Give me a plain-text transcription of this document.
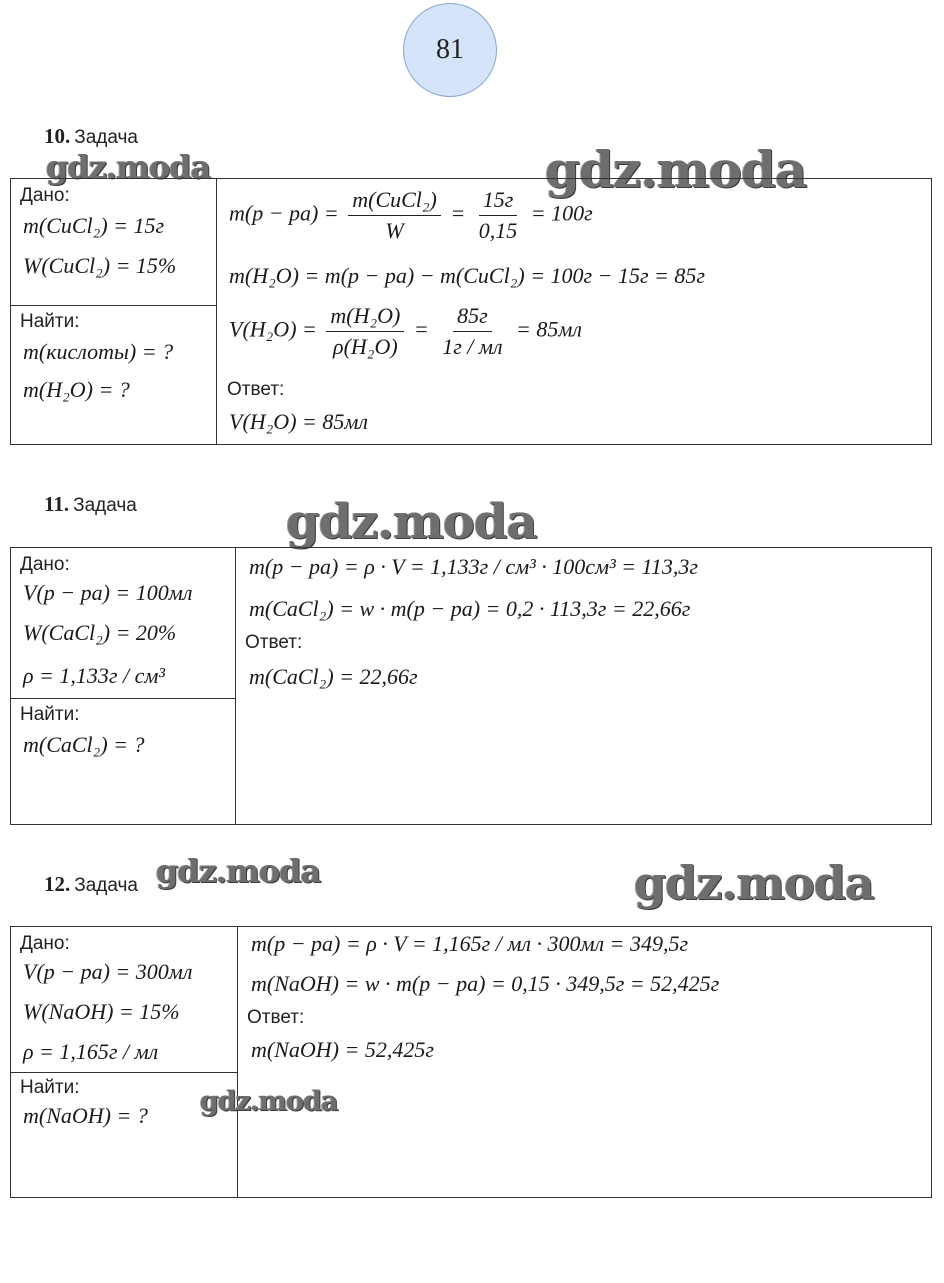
81
10. Задача
gdz.moda	gdz.moda
Дано:
m(CuCl₂) = 15г
W(CuCl₂) = 15%
Найти:
m(кислоты) = ?
m(H₂O) = ?
$m(p - pa) = \frac{\text{m(CuCl₂)}}{W} = \frac{15г}{0,15} = 100г$
m(H₂O) = m(p − pa) − m(CuCl₂) = 100г − 15г = 85г
$V(H_2O) = \frac{\text{m(H₂O)}}{\text{ρ(H₂O)}} = \frac{85г}{1г / мл} = 85мл$
Ответ:
V(H₂O) = 85мл
11. Задача	gdz.moda
Дано:
V(p − pa) = 100мл
W(CaCl₂) = 20%
ρ = 1,133г / см³
Найти:
m(CaCl₂) = ?
m(p − pa) = ρ · V = 1,133г / см³ · 100см³ = 113,3г
m(CaCl₂) = w · m(p − pa) = 0,2 · 113,3г = 22,66г
Ответ:
m(CaCl₂) = 22,66г
12. Задача gdz.moda	gdz.moda
Дано:
V(p − pa) = 300мл
W(NaOH) = 15%
ρ = 1,165г / мл
Найти:
m(NaOH) = ?
m(p − pa) = ρ · V = 1,165г / мл · 300мл = 349,5г
m(NaOH) = w · m(p − pa) = 0,15 · 349,5г = 52,425г
Ответ:
m(NaOH) = 52,425г
gdz.moda
